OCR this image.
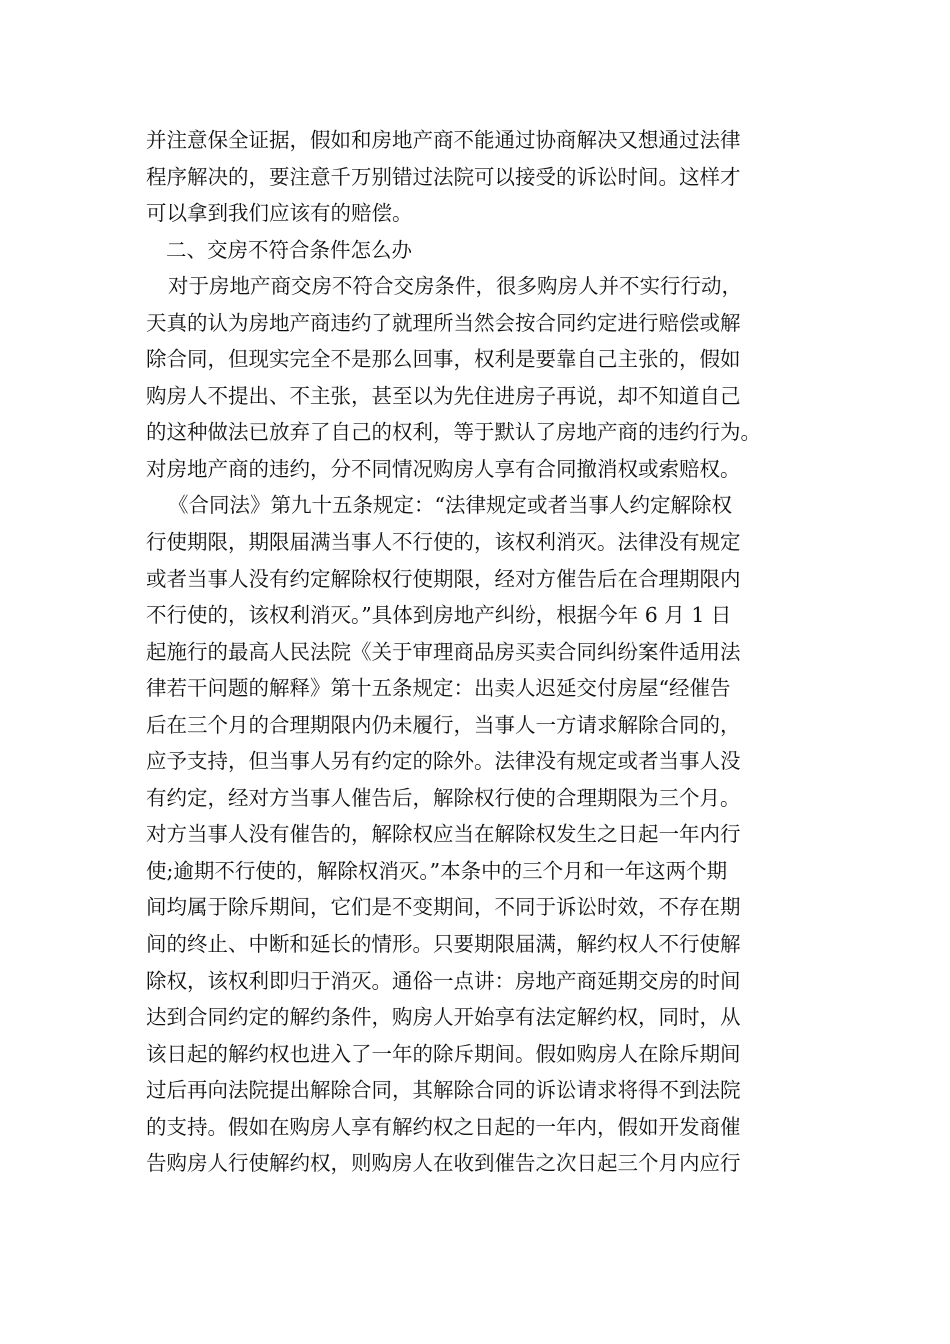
并注意保全证据，假如和房地产商不能通过协商解决又想通过法律
程序解决的，要注意千万别错过法院可以接受的诉讼时间。这样才
可以拿到我们应该有的赔偿。
二、交房不符合条件怎么办
对于房地产商交房不符合交房条件，很多购房人并不实行行动，
天真的认为房地产商违约了就理所当然会按合同约定进行赔偿或解
除合同，但现实完全不是那么回事，权利是要靠自己主张的，假如
购房人不提出、不主张，甚至以为先住进房子再说，却不知道自己
的这种做法已放弃了自己的权利，等于默认了房地产商的违约行为。
对房地产商的违约，分不同情况购房人享有合同撤消权或索赔权。
《合同法》第九十五条规定：“法律规定或者当事人约定解除权
行使期限，期限届满当事人不行使的，该权利消灭。法律没有规定
或者当事人没有约定解除权行使期限，经对方催告后在合理期限内
不行使的，该权利消灭。”具体到房地产纠纷，根据今年 6 月 1 日
起施行的最高人民法院《关于审理商品房买卖合同纠纷案件适用法
律若干问题的解释》第十五条规定：出卖人迟延交付房屋“经催告
后在三个月的合理期限内仍未履行，当事人一方请求解除合同的，
应予支持，但当事人另有约定的除外。法律没有规定或者当事人没
有约定，经对方当事人催告后，解除权行使的合理期限为三个月。
对方当事人没有催告的，解除权应当在解除权发生之日起一年内行
使;逾期不行使的，解除权消灭。”本条中的三个月和一年这两个期
间均属于除斥期间，它们是不变期间，不同于诉讼时效，不存在期
间的终止、中断和延长的情形。只要期限届满，解约权人不行使解
除权，该权利即归于消灭。通俗一点讲：房地产商延期交房的时间
达到合同约定的解约条件，购房人开始享有法定解约权，同时，从
该日起的解约权也进入了一年的除斥期间。假如购房人在除斥期间
过后再向法院提出解除合同，其解除合同的诉讼请求将得不到法院
的支持。假如在购房人享有解约权之日起的一年内，假如开发商催
告购房人行使解约权，则购房人在收到催告之次日起三个月内应行
